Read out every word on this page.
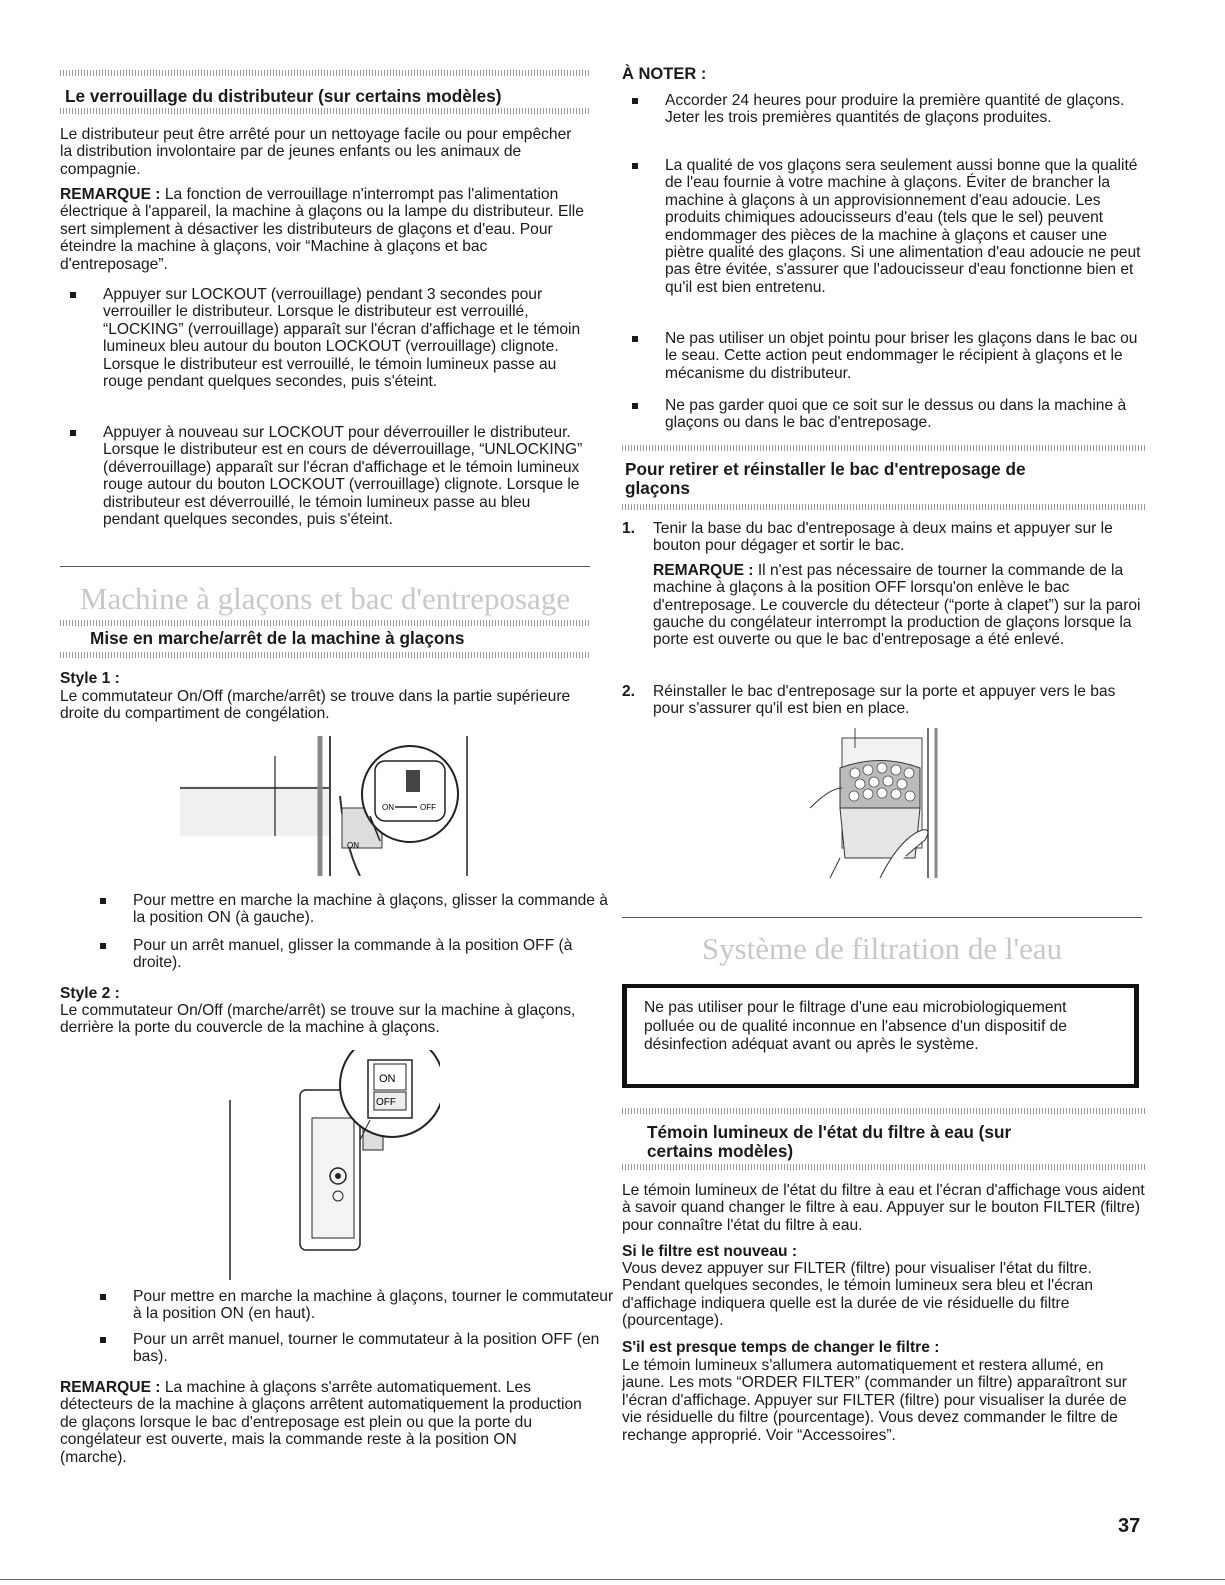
Le verrouillage du distributeur (sur certains modèles)

Le distributeur peut être arrêté pour un nettoyage facile ou pour empêcher la distribution involontaire par de jeunes enfants ou les animaux de compagnie.

REMARQUE : La fonction de verrouillage n'interrompt pas l'alimentation électrique à l'appareil, la machine à glaçons ou la lampe du distributeur. Elle sert simplement à désactiver les distributeurs de glaçons et d'eau. Pour éteindre la machine à glaçons, voir “Machine à glaçons et bac d'entreposage”.

Appuyer sur LOCKOUT (verrouillage) pendant 3 secondes pour verrouiller le distributeur. Lorsque le distributeur est verrouillé, “LOCKING” (verrouillage) apparaît sur l'écran d'affichage et le témoin lumineux bleu autour du bouton LOCKOUT (verrouillage) clignote. Lorsque le distributeur est verrouillé, le témoin lumineux passe au rouge pendant quelques secondes, puis s'éteint.
Appuyer à nouveau sur LOCKOUT pour déverrouiller le distributeur. Lorsque le distributeur est en cours de déverrouillage, “UNLOCKING” (déverrouillage) apparaît sur l'écran d'affichage et le témoin lumineux rouge autour du bouton LOCKOUT (verrouillage) clignote. Lorsque le distributeur est déverrouillé, le témoin lumineux passe au bleu pendant quelques secondes, puis s'éteint.
Machine à glaçons et bac d'entreposage
Mise en marche/arrêt de la machine à glaçons
Style 1 :

Le commutateur On/Off (marche/arrêt) se trouve dans la partie supérieure droite du compartiment de congélation.

ON
ON	OFF
Pour mettre en marche la machine à glaçons, glisser la commande à la position ON (à gauche).
Pour un arrêt manuel, glisser la commande à la position OFF (à droite).
Style 2 :

Le commutateur On/Off (marche/arrêt) se trouve sur la machine à glaçons, derrière la porte du couvercle de la machine à glaçons.

ON
OFF
Pour mettre en marche la machine à glaçons, tourner le commutateur à la position ON (en haut).
Pour un arrêt manuel, tourner le commutateur à la position OFF (en bas).

REMARQUE : La machine à glaçons s'arrête automatiquement. Les détecteurs de la machine à glaçons arrêtent automatiquement la production de glaçons lorsque le bac d'entreposage est plein ou que la porte du congélateur est ouverte, mais la commande reste à la position ON (marche).

À NOTER :
Accorder 24 heures pour produire la première quantité de glaçons. Jeter les trois premières quantités de glaçons produites.
La qualité de vos glaçons sera seulement aussi bonne que la qualité de l'eau fournie à votre machine à glaçons. Éviter de brancher la machine à glaçons à un approvisionnement d'eau adoucie. Les produits chimiques adoucisseurs d'eau (tels que le sel) peuvent endommager des pièces de la machine à glaçons et causer une piètre qualité des glaçons. Si une alimentation d'eau adoucie ne peut pas être évitée, s'assurer que l'adoucisseur d'eau fonctionne bien et qu'il est bien entretenu.
Ne pas utiliser un objet pointu pour briser les glaçons dans le bac ou le seau. Cette action peut endommager le récipient à glaçons et le mécanisme du distributeur.
Ne pas garder quoi que ce soit sur le dessus ou dans la machine à glaçons ou dans le bac d'entreposage.
Pour retirer et réinstaller le bac d'entreposage de glaçons
1. Tenir la base du bac d'entreposage à deux mains et appuyer sur le bouton pour dégager et sortir le bac.

REMARQUE : Il n'est pas nécessaire de tourner la commande de la machine à glaçons à la position OFF lorsqu'on enlève le bac d'entreposage. Le couvercle du détecteur (“porte à clapet”) sur la paroi gauche du congélateur interrompt la production de glaçons lorsque la porte est ouverte ou que le bac d'entreposage a été enlevé.

2. Réinstaller le bac d'entreposage sur la porte et appuyer vers le bas pour s'assurer qu'il est bien en place.

Système de filtration de l'eau

Ne pas utiliser pour le filtrage d'une eau microbiologiquement polluée ou de qualité inconnue en l'absence d'un dispositif de désinfection adéquat avant ou après le système.

Témoin lumineux de l'état du filtre à eau (sur certains modèles)

Le témoin lumineux de l'état du filtre à eau et l'écran d'affichage vous aident à savoir quand changer le filtre à eau. Appuyer sur le bouton FILTER (filtre) pour connaître l'état du filtre à eau.

Si le filtre est nouveau :

Vous devez appuyer sur FILTER (filtre) pour visualiser l'état du filtre. Pendant quelques secondes, le témoin lumineux sera bleu et l'écran d'affichage indiquera quelle est la durée de vie résiduelle du filtre (pourcentage).

S'il est presque temps de changer le filtre :

Le témoin lumineux s'allumera automatiquement et restera allumé, en jaune. Les mots “ORDER FILTER” (commander un filtre) apparaîtront sur l'écran d'affichage. Appuyer sur FILTER (filtre) pour visualiser la durée de vie résiduelle du filtre (pourcentage). Vous devez commander le filtre de rechange approprié. Voir “Accessoires”.

37
